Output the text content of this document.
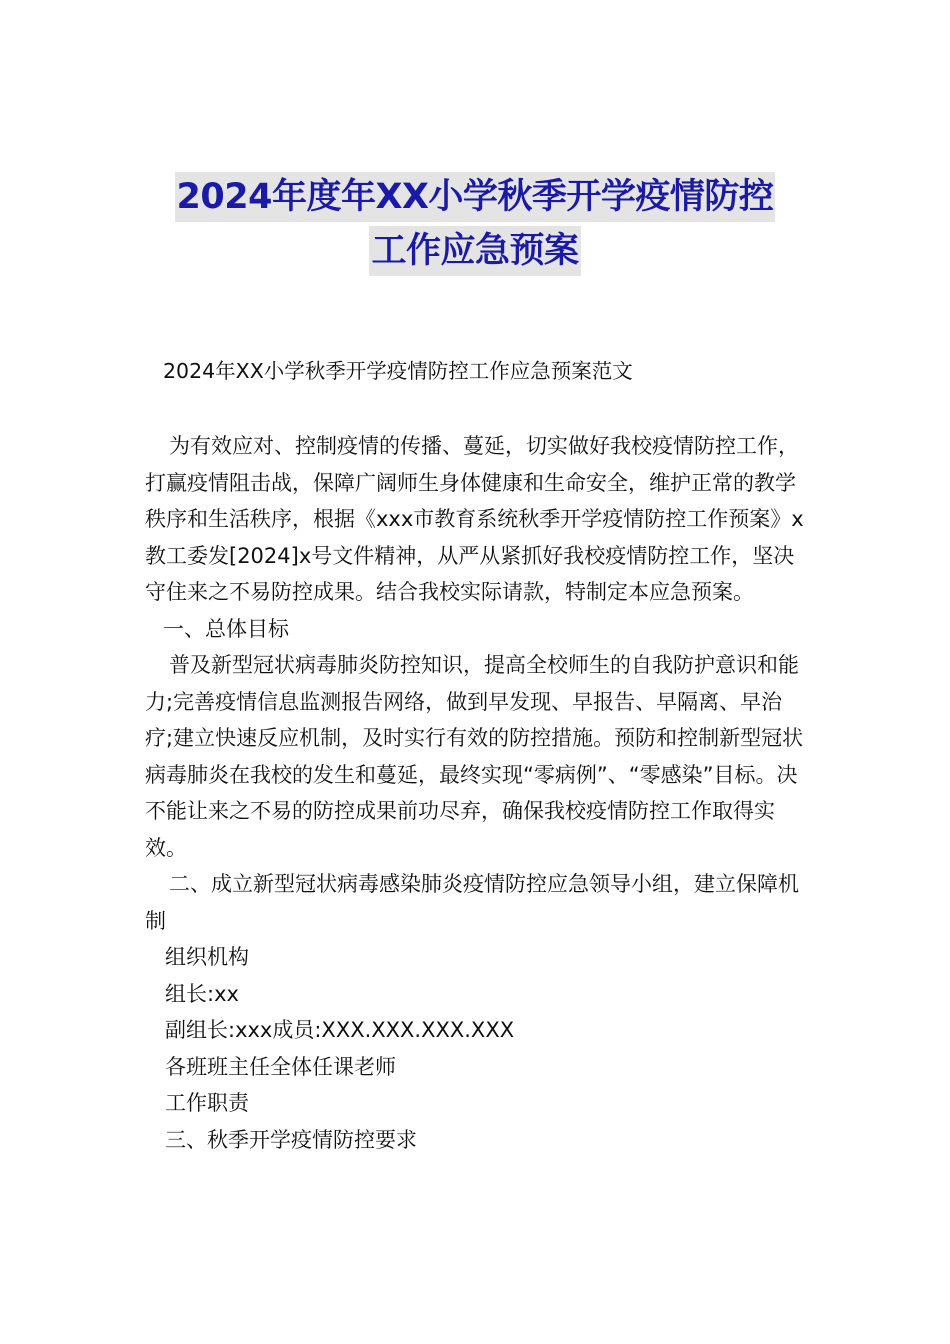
2024年度年XX小学秋季开学疫情防控
工作应急预案
2024年XX小学秋季开学疫情防控工作应急预案范文

为有效应对、控制疫情的传播、蔓延，切实做好我校疫情防控工作，打赢疫情阻击战，保障广阔师生身体健康和生命安全，维护正常的教学秩序和生活秩序，根据《xxx市教育系统秋季开学疫情防控工作预案》x教工委发[2024]x号文件精神，从严从紧抓好我校疫情防控工作，坚决守住来之不易防控成果。结合我校实际请款，特制定本应急预案。

一、总体目标

普及新型冠状病毒肺炎防控知识，提高全校师生的自我防护意识和能力;完善疫情信息监测报告网络，做到早发现、早报告、早隔离、早治疗;建立快速反应机制，及时实行有效的防控措施。预防和控制新型冠状病毒肺炎在我校的发生和蔓延，最终实现“零病例”、“零感染”目标。决不能让来之不易的防控成果前功尽弃，确保我校疫情防控工作取得实效。

二、成立新型冠状病毒感染肺炎疫情防控应急领导小组，建立保障机制

组织机构

组长:xx

副组长:xxx成员:XXX.XXX.XXX.XXX

各班班主任全体任课老师

工作职责

三、秋季开学疫情防控要求
